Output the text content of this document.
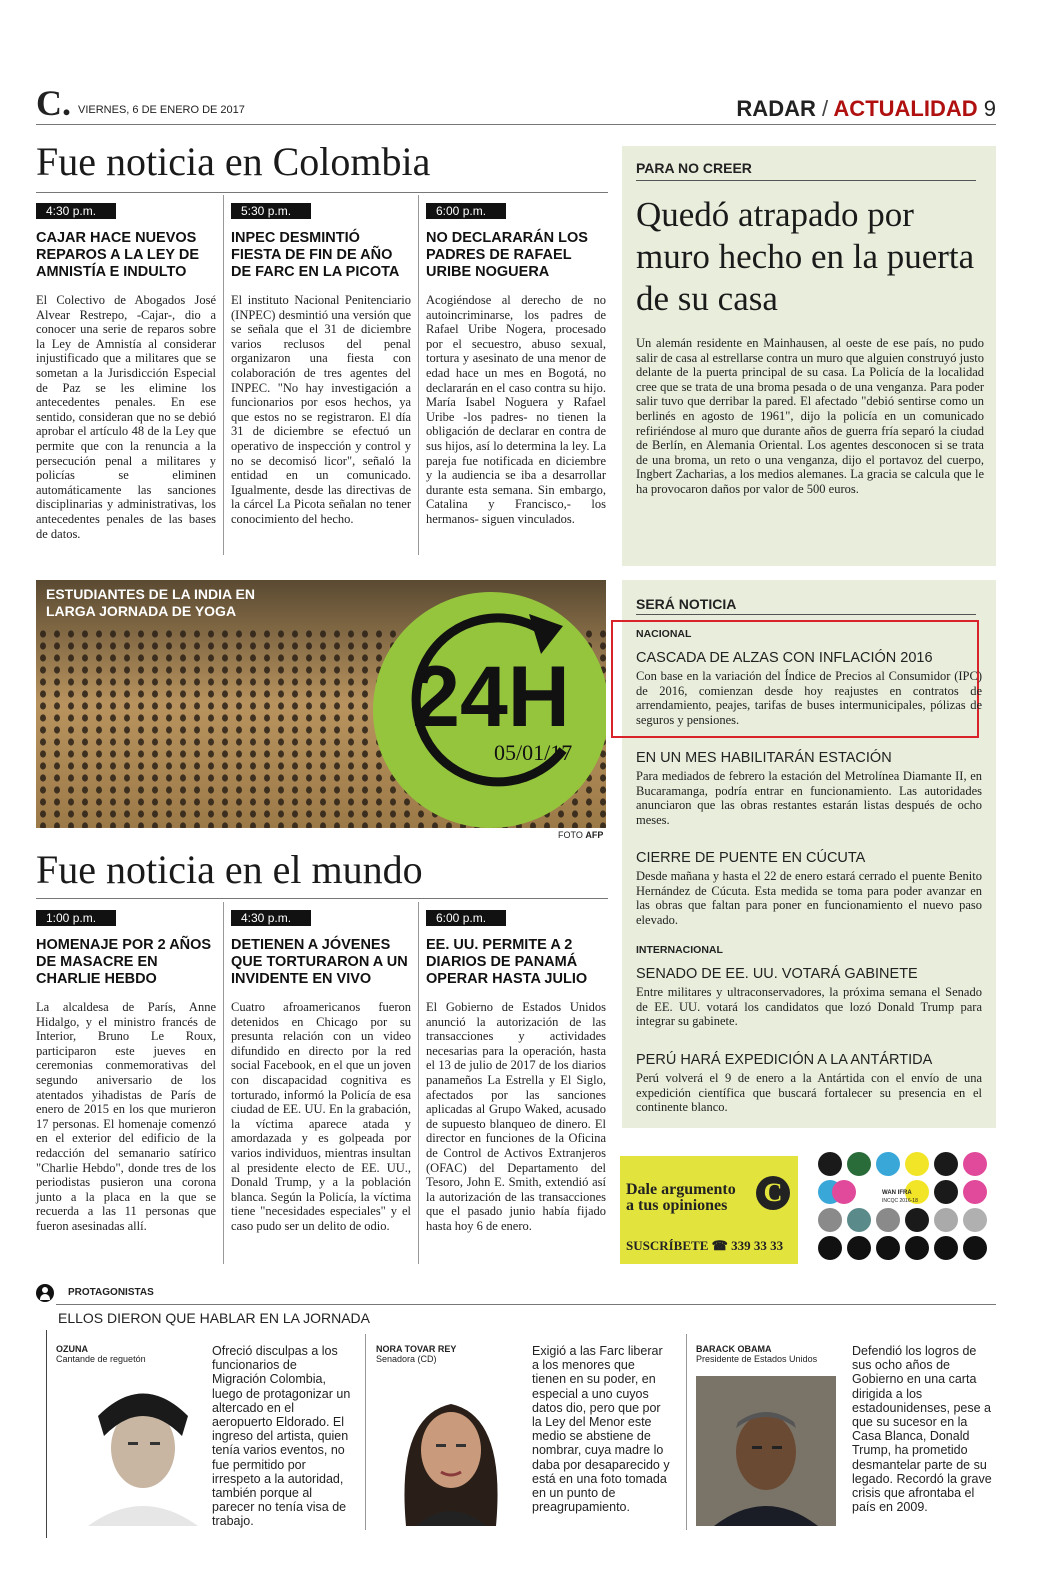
C. VIERNES, 6 DE ENERO DE 2017	RADAR / ACTUALIDAD 9
Fue noticia en Colombia
4:30 p.m.
CAJAR HACE NUEVOS REPAROS A LA LEY DE AMNISTÍA E INDULTO

El Colectivo de Abogados José Alvear Restrepo, -Cajar-, dio a conocer una serie de reparos sobre la Ley de Amnistía al considerar injustificado que a militares que se sometan a la Jurisdicción Especial de Paz se les elimine los antecedentes penales. En ese sentido, consideran que no se debió aprobar el artículo 48 de la Ley que permite que con la renuncia a la persecución penal a militares y policías se eliminen automáticamente las sanciones disciplinarias y administrativas, los antecedentes penales de las bases de datos.

5:30 p.m.
INPEC DESMINTIÓ FIESTA DE FIN DE AÑO DE FARC EN LA PICOTA

El instituto Nacional Penitenciario (INPEC) desmintió una versión que se señala que el 31 de diciembre varios reclusos del penal organizaron una fiesta con colaboración de tres agentes del INPEC. "No hay investigación a funcionarios por esos hechos, ya que estos no se registraron. El día 31 de diciembre se efectuó un operativo de inspección y control y no se decomisó licor", señaló la entidad en un comunicado. Igualmente, desde las directivas de la cárcel La Picota señalan no tener conocimiento del hecho.

6:00 p.m.
NO DECLARARÁN LOS PADRES DE RAFAEL URIBE NOGUERA

Acogiéndose al derecho de no autoincriminarse, los padres de Rafael Uribe Nogera, procesado por el secuestro, abuso sexual, tortura y asesinato de una menor de edad hace un mes en Bogotá, no declararán en el caso contra su hijo. María Isabel Noguera y Rafael Uribe -los padres- no tienen la obligación de declarar en contra de sus hijos, así lo determina la ley. La pareja fue notificada en diciembre y la audiencia se iba a desarrollar durante esta semana. Sin embargo, Catalina y Francisco,- los hermanos- siguen vinculados.

PARA NO CREER
Quedó atrapado por muro hecho en la puerta de su casa

Un alemán residente en Mainhausen, al oeste de ese país, no pudo salir de casa al estrellarse contra un muro que alguien construyó justo delante de la puerta principal de su casa. La Policía de la localidad cree que se trata de una broma pesada o de una venganza. Para poder salir tuvo que derribar la pared. El afectado "debió sentirse como un berlinés en agosto de 1961", dijo la policía en un comunicado refiriéndose al muro que durante años de guerra fría separó la ciudad de Berlín, en Alemania Oriental. Los agentes desconocen si se trata de una broma, un reto o una venganza, dijo el portavoz del cuerpo, Ingbert Zacharias, a los medios alemanes. La gracia se calcula que le ha provocaron daños por valor de 500 euros.

ESTUDIANTES DE LA INDIA EN LARGA JORNADA DE YOGA
24H
05/01/17
FOTO AFP
SERÁ NOTICIA
NACIONAL
CASCADA DE ALZAS CON INFLACIÓN 2016

Con base en la variación del Índice de Precios al Consumidor (IPC) de 2016, comienzan desde hoy reajustes en contratos de arrendamiento, peajes, tarifas de buses intermunicipales, pólizas de seguros y pensiones.

EN UN MES HABILITARÁN ESTACIÓN

Para mediados de febrero la estación del Metrolínea Diamante II, en Bucaramanga, podría entrar en funcionamiento. Las autoridades anunciaron que las obras restantes estarán listas después de ocho meses.

CIERRE DE PUENTE EN CÚCUTA

Desde mañana y hasta el 22 de enero estará cerrado el puente Benito Hernández de Cúcuta. Esta medida se toma para poder avanzar en las obras que faltan para poner en funcionamiento el nuevo paso elevado.

INTERNACIONAL
SENADO DE EE. UU. VOTARÁ GABINETE

Entre militares y ultraconservadores, la próxima semana el Senado de EE. UU. votará los candidatos que lozó Donald Trump para integrar su gabinete.

PERÚ HARÁ EXPEDICIÓN A LA ANTÁRTIDA

Perú volverá el 9 de enero a la Antártida con el envío de una expedición científica que buscará fortalecer su presencia en el continente blanco.

Fue noticia en el mundo
1:00 p.m.
HOMENAJE POR 2 AÑOS DE MASACRE EN CHARLIE HEBDO

La alcaldesa de París, Anne Hidalgo, y el ministro francés de Interior, Bruno Le Roux, participaron este jueves en ceremonias conmemorativas del segundo aniversario de los atentados yihadistas de París de enero de 2015 en los que murieron 17 personas. El homenaje comenzó en el exterior del edificio de la redacción del semanario satírico "Charlie Hebdo", donde tres de los periodistas pusieron una corona junto a la placa en la que se recuerda a las 11 personas que fueron asesinadas allí.

4:30 p.m.
DETIENEN A JÓVENES QUE TORTURARON A UN INVIDENTE EN VIVO

Cuatro afroamericanos fueron detenidos en Chicago por su presunta relación con un video difundido en directo por la red social Facebook, en el que un joven con discapacidad cognitiva es torturado, informó la Policía de esa ciudad de EE. UU. En la grabación, la víctima aparece atada y amordazada y es golpeada por varios individuos, mientras insultan al presidente electo de EE. UU., Donald Trump, y a la población blanca. Según la Policía, la víctima tiene "necesidades especiales" y el caso pudo ser un delito de odio.

6:00 p.m.
EE. UU. PERMITE A 2 DIARIOS DE PANAMÁ OPERAR HASTA JULIO

El Gobierno de Estados Unidos anunció la autorización de las transacciones y actividades necesarias para la operación, hasta el 13 de julio de 2017 de los diarios panameños La Estrella y El Siglo, afectados por las sanciones aplicadas al Grupo Waked, acusado de supuesto blanqueo de dinero. El director en funciones de la Oficina de Control de Activos Extranjeros (OFAC) del Departamento del Tesoro, John E. Smith, extendió así la autorización de las transacciones que el pasado junio había fijado hasta hoy 6 de enero.

Dale argumento
a tus opiniones	C
SUSCRÍBETE ☎ 339 33 33
WAN IFRA
INCQC 2016-18
PROTAGONISTAS
ELLOS DIERON QUE HABLAR EN LA JORNADA
OZUNA
Cantande de reguetón

Ofreció disculpas a los funcionarios de Migración Colombia, luego de protagonizar un altercado en el aeropuerto Eldorado. El ingreso del artista, quien tenía varios eventos, no fue permitido por irrespeto a la autoridad, también porque al parecer no tenía visa de trabajo.

NORA TOVAR REY
Senadora (CD)

Exigió a las Farc liberar a los menores que tienen en su poder, en especial a uno cuyos datos dio, pero que por la Ley del Menor este medio se abstiene de nombrar, cuya madre lo daba por desaparecido y está en una foto tomada en un punto de preagrupamiento.

BARACK OBAMA
Presidente de Estados Unidos

Defendió los logros de sus ocho años de Gobierno en una carta dirigida a los estadounidenses, pese a que su sucesor en la Casa Blanca, Donald Trump, ha prometido desmantelar parte de su legado. Recordó la grave crisis que afrontaba el país en 2009.
